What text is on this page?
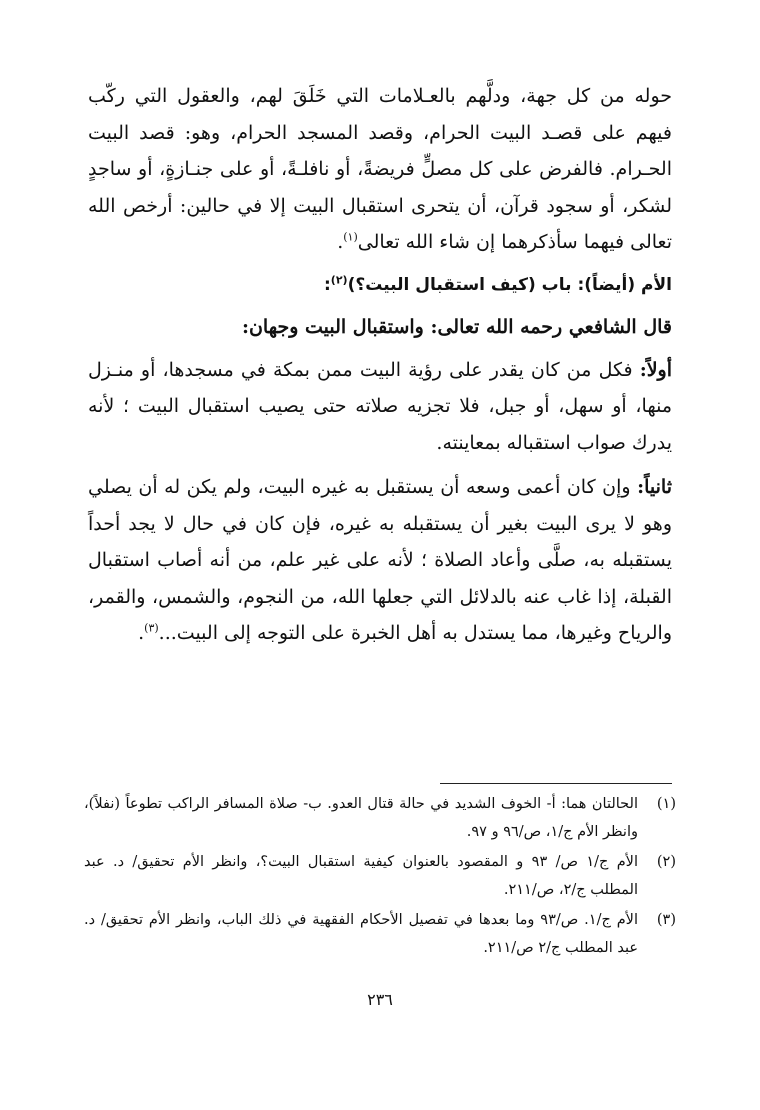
حوله من كل جهة، ودلَّهم بالعـلامات التي خَلَقَ لهم، والعقول التي ركّب فيهم على قصـد البيت الحرام، وقصد المسجد الحرام، وهو: قصد البيت الحـرام. فالفرض على كل مصلٍّ فريضةً، أو نافلـةً، أو على جنـازةٍ، أو ساجدٍ لشكر، أو سجود قرآن، أن يتحرى استقبال البيت إلا في حالين: أرخص الله تعالى فيهما سأذكرهما إن شاء الله تعالى$^{(١)}$.

الأم (أيضاً): باب (كيف استقبال البيت؟)$^{(٢)}$:

قال الشافعي رحمه الله تعالى: واستقبال البيت وجهان:

أولاً: فكل من كان يقدر على رؤية البيت ممن بمكة في مسجدها، أو منـزل منها، أو سهل، أو جبل، فلا تجزيه صلاته حتى يصيب استقبال البيت ؛ لأنه يدرك صواب استقباله بمعاينته.

ثانياً: وإن كان أعمى وسعه أن يستقبل به غيره البيت، ولم يكن له أن يصلي وهو لا يرى البيت بغير أن يستقبله به غيره، فإن كان في حال لا يجد أحداً يستقبله به، صلَّى وأعاد الصلاة ؛ لأنه على غير علم، من أنه أصاب استقبال القبلة، إذا غاب عنه بالدلائل التي جعلها الله، من النجوم، والشمس، والقمر، والرياح وغيرها، مما يستدل به أهل الخبرة على التوجه إلى البيت...$^{(٣)}$.

(١)
الحالتان هما: أ- الخوف الشديد في حالة قتال العدو. ب- صلاة المسافر الراكب تطوعاً (نفلاً)، وانظر الأم ج/١، ص/٩٦ و ٩٧.
(٢)
الأم ج/١ ص/ ٩٣ و المقصود بالعنوان كيفية استقبال البيت؟، وانظر الأم تحقيق/ د. عبد المطلب ج/٢، ص/٢١١.
(٣)
الأم ج/١. ص/٩٣ وما بعدها في تفصيل الأحكام الفقهية في ذلك الباب، وانظر الأم تحقيق/ د. عبد المطلب ج/٢ ص/٢١١.
٢٣٦
